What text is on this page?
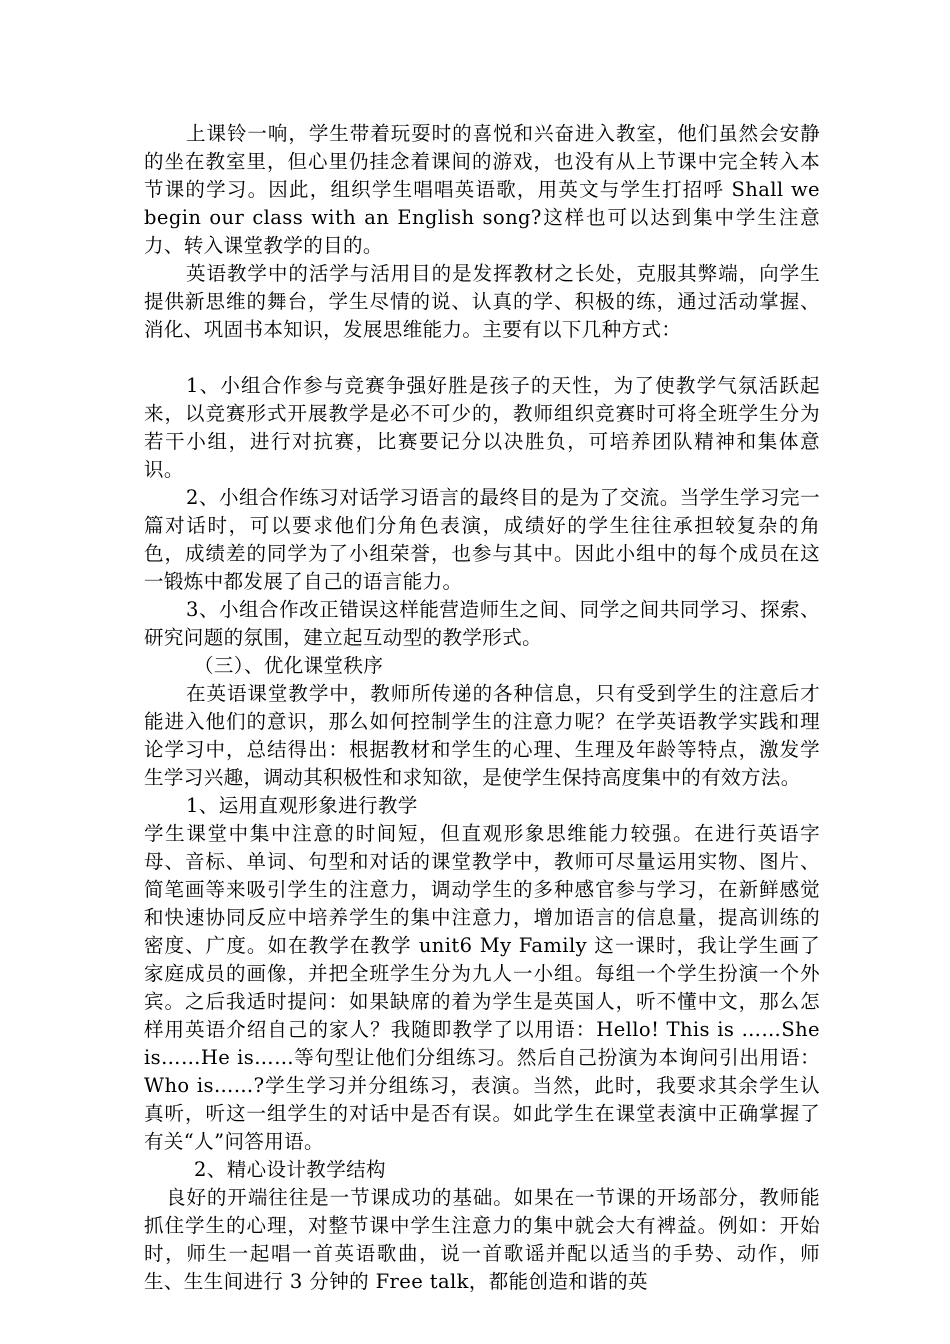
上课铃一响，学生带着玩耍时的喜悦和兴奋进入教室，他们虽然会安静的坐在教室里，但心里仍挂念着课间的游戏，也没有从上节课中完全转入本节课的学习。因此，组织学生唱唱英语歌，用英文与学生打招呼 Shall we begin our class with an English song?这样也可以达到集中学生注意力、转入课堂教学的目的。

英语教学中的活学与活用目的是发挥教材之长处，克服其弊端，向学生提供新思维的舞台，学生尽情的说、认真的学、积极的练，通过活动掌握、消化、巩固书本知识，发展思维能力。主要有以下几种方式：

1、小组合作参与竞赛争强好胜是孩子的天性，为了使教学气氛活跃起来，以竞赛形式开展教学是必不可少的，教师组织竞赛时可将全班学生分为若干小组，进行对抗赛，比赛要记分以决胜负，可培养团队精神和集体意识。

2、小组合作练习对话学习语言的最终目的是为了交流。当学生学习完一篇对话时，可以要求他们分角色表演，成绩好的学生往往承担较复杂的角色，成绩差的同学为了小组荣誉，也参与其中。因此小组中的每个成员在这一锻炼中都发展了自己的语言能力。

3、小组合作改正错误这样能营造师生之间、同学之间共同学习、探索、研究问题的氛围，建立起互动型的教学形式。

（三）、优化课堂秩序

在英语课堂教学中，教师所传递的各种信息，只有受到学生的注意后才能进入他们的意识，那么如何控制学生的注意力呢？在学英语教学实践和理论学习中，总结得出：根据教材和学生的心理、生理及年龄等特点，激发学生学习兴趣，调动其积极性和求知欲，是使学生保持高度集中的有效方法。

1、运用直观形象进行教学

学生课堂中集中注意的时间短，但直观形象思维能力较强。在进行英语字母、音标、单词、句型和对话的课堂教学中，教师可尽量运用实物、图片、简笔画等来吸引学生的注意力，调动学生的多种感官参与学习，在新鲜感觉和快速协同反应中培养学生的集中注意力，增加语言的信息量，提高训练的密度、广度。如在教学在教学 unit6 My Family 这一课时，我让学生画了家庭成员的画像，并把全班学生分为九人一小组。每组一个学生扮演一个外宾。之后我适时提问：如果缺席的着为学生是英国人，听不懂中文，那么怎样用英语介绍自己的家人？我随即教学了以用语：Hello! This is ……She is……He is……等句型让他们分组练习。然后自己扮演为本询问引出用语：Who is……?学生学习并分组练习，表演。当然，此时，我要求其余学生认真听，听这一组学生的对话中是否有误。如此学生在课堂表演中正确掌握了有关“人”问答用语。

2、精心设计教学结构

良好的开端往往是一节课成功的基础。如果在一节课的开场部分，教师能抓住学生的心理，对整节课中学生注意力的集中就会大有裨益。例如：开始时，师生一起唱一首英语歌曲，说一首歌谣并配以适当的手势、动作，师生、生生间进行 3 分钟的 Free talk，都能创造和谐的英
